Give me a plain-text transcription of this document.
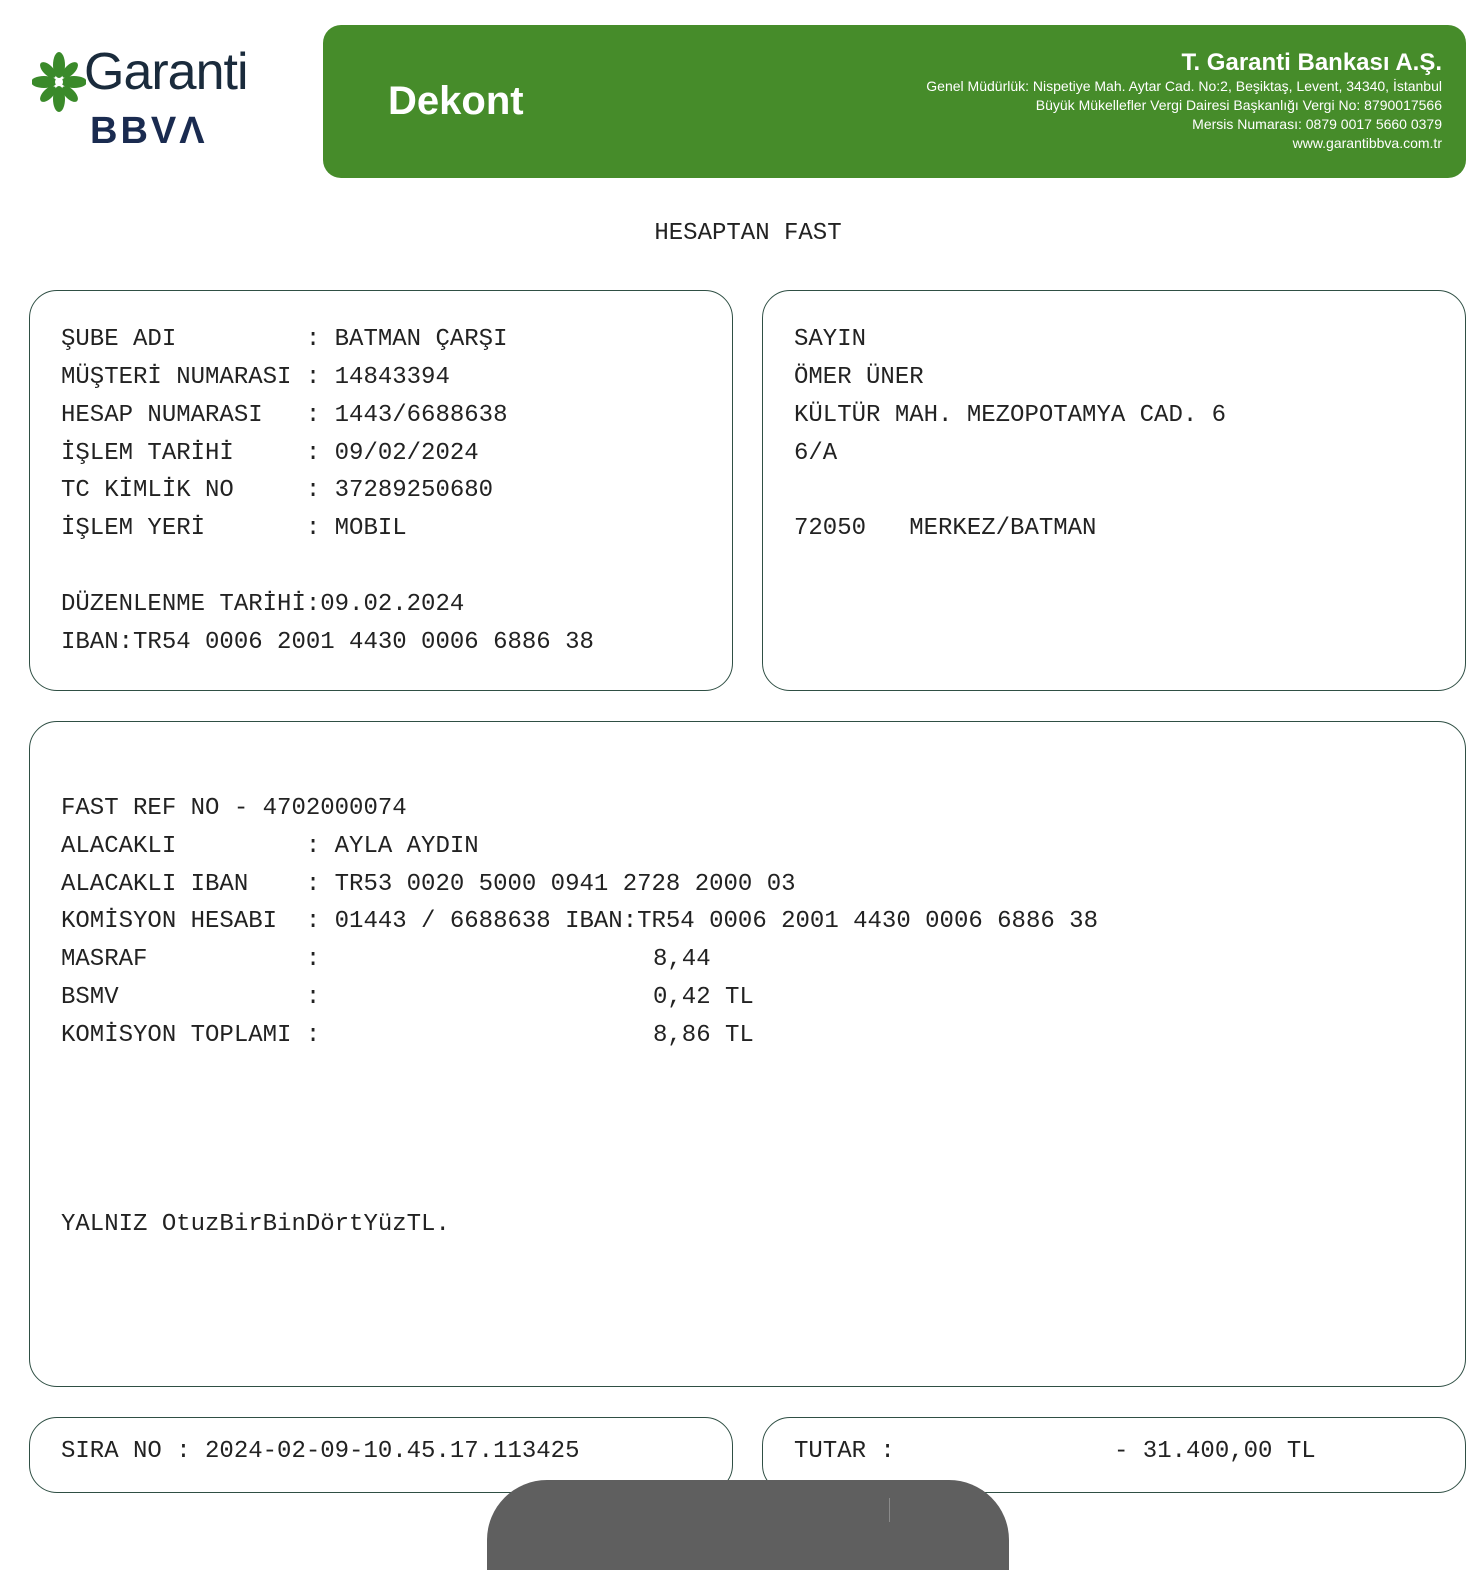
Garanti
BBVΛ
Dekont
T. Garanti Bankası A.Ş.
Genel Müdürlük: Nispetiye Mah. Aytar Cad. No:2, Beşiktaş, Levent, 34340, İstanbul
Büyük Mükellefler Vergi Dairesi Başkanlığı Vergi No: 8790017566
Mersis Numarası: 0879 0017 5660 0379
www.garantibbva.com.tr
HESAPTAN FAST
ŞUBE ADI         : BATMAN ÇARŞI
MÜŞTERİ NUMARASI : 14843394
HESAP NUMARASI   : 1443/6688638
İŞLEM TARİHİ     : 09/02/2024
TC KİMLİK NO     : 37289250680
İŞLEM YERİ       : MOBIL
DÜZENLENME TARİHİ:09.02.2024
IBAN:TR54 0006 2001 4430 0006 6886 38
SAYIN
ÖMER ÜNER
KÜLTÜR MAH. MEZOPOTAMYA CAD. 6
6/A
72050   MERKEZ/BATMAN
FAST REF NO - 4702000074
ALACAKLI         : AYLA AYDIN
ALACAKLI IBAN    : TR53 0020 5000 0941 2728 2000 03
KOMİSYON HESABI  : 01443 / 6688638 IBAN:TR54 0006 2001 4430 0006 6886 38
MASRAF           :	8,44
BSMV             :	0,42 TL
KOMİSYON TOPLAMI :	8,86 TL
YALNIZ OtuzBirBinDörtYüzTL.
SIRA NO : 2024-02-09-10.45.17.113425	TUTAR :	- 31.400,00 TL
